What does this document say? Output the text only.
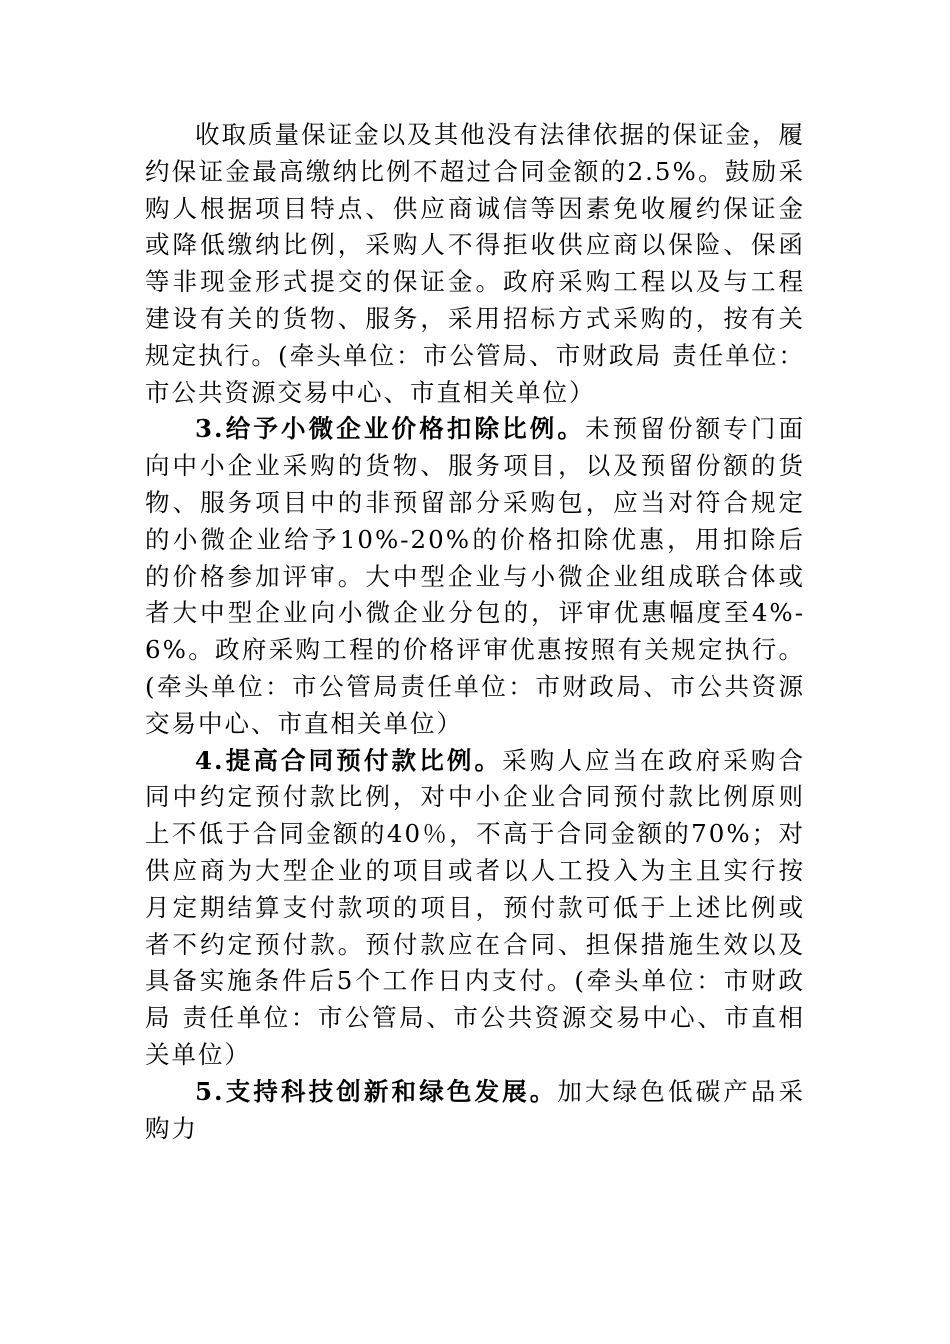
收取质量保证金以及其他没有法律依据的保证金，履约保证金最高缴纳比例不超过合同金额的2.5%。鼓励采购人根据项目特点、供应商诚信等因素免收履约保证金或降低缴纳比例，采购人不得拒收供应商以保险、保函等非现金形式提交的保证金。政府采购工程以及与工程建设有关的货物、服务，采用招标方式采购的，按有关规定执行。(牵头单位：市公管局、市财政局 责任单位：市公共资源交易中心、市直相关单位）

3.给予小微企业价格扣除比例。未预留份额专门面向中小企业采购的货物、服务项目，以及预留份额的货物、服务项目中的非预留部分采购包，应当对符合规定的小微企业给予10%-20%的价格扣除优惠，用扣除后的价格参加评审。大中型企业与小微企业组成联合体或者大中型企业向小微企业分包的，评审优惠幅度至4%-6%。政府采购工程的价格评审优惠按照有关规定执行。(牵头单位：市公管局责任单位：市财政局、市公共资源交易中心、市直相关单位）

4.提高合同预付款比例。采购人应当在政府采购合同中约定预付款比例，对中小企业合同预付款比例原则上不低于合同金额的40％，不高于合同金额的70%；对供应商为大型企业的项目或者以人工投入为主且实行按月定期结算支付款项的项目，预付款可低于上述比例或者不约定预付款。预付款应在合同、担保措施生效以及具备实施条件后5个工作日内支付。(牵头单位：市财政局 责任单位：市公管局、市公共资源交易中心、市直相关单位）

5.支持科技创新和绿色发展。加大绿色低碳产品采购力
